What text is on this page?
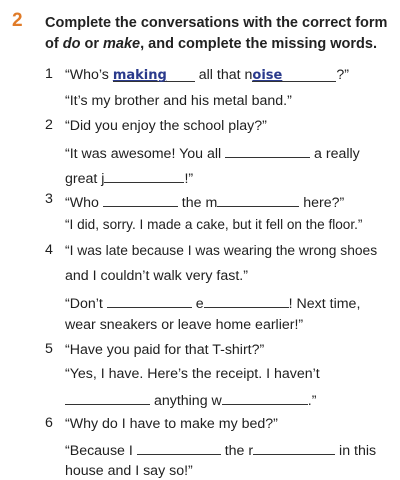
2 Complete the conversations with the correct form of do or make, and complete the missing words.
1 “Who’s making all that noise	?”
“It’s my brother and his metal band.”
2 “Did you enjoy the school play?”
“It was awesome! You all	a really
great j	!”
3 “Who	the m	here?”
“I did, sorry. I made a cake, but it fell on the floor.”
4 “I was late because I was wearing the wrong shoes
and I couldn’t walk very fast.”
“Don’t	e	! Next time,
wear sneakers or leave home earlier!”
5 “Have you paid for that T-shirt?”
“Yes, I have. Here’s the receipt. I haven’t
anything w	.”
6 “Why do I have to make my bed?”
“Because I	the r	in this
house and I say so!”
